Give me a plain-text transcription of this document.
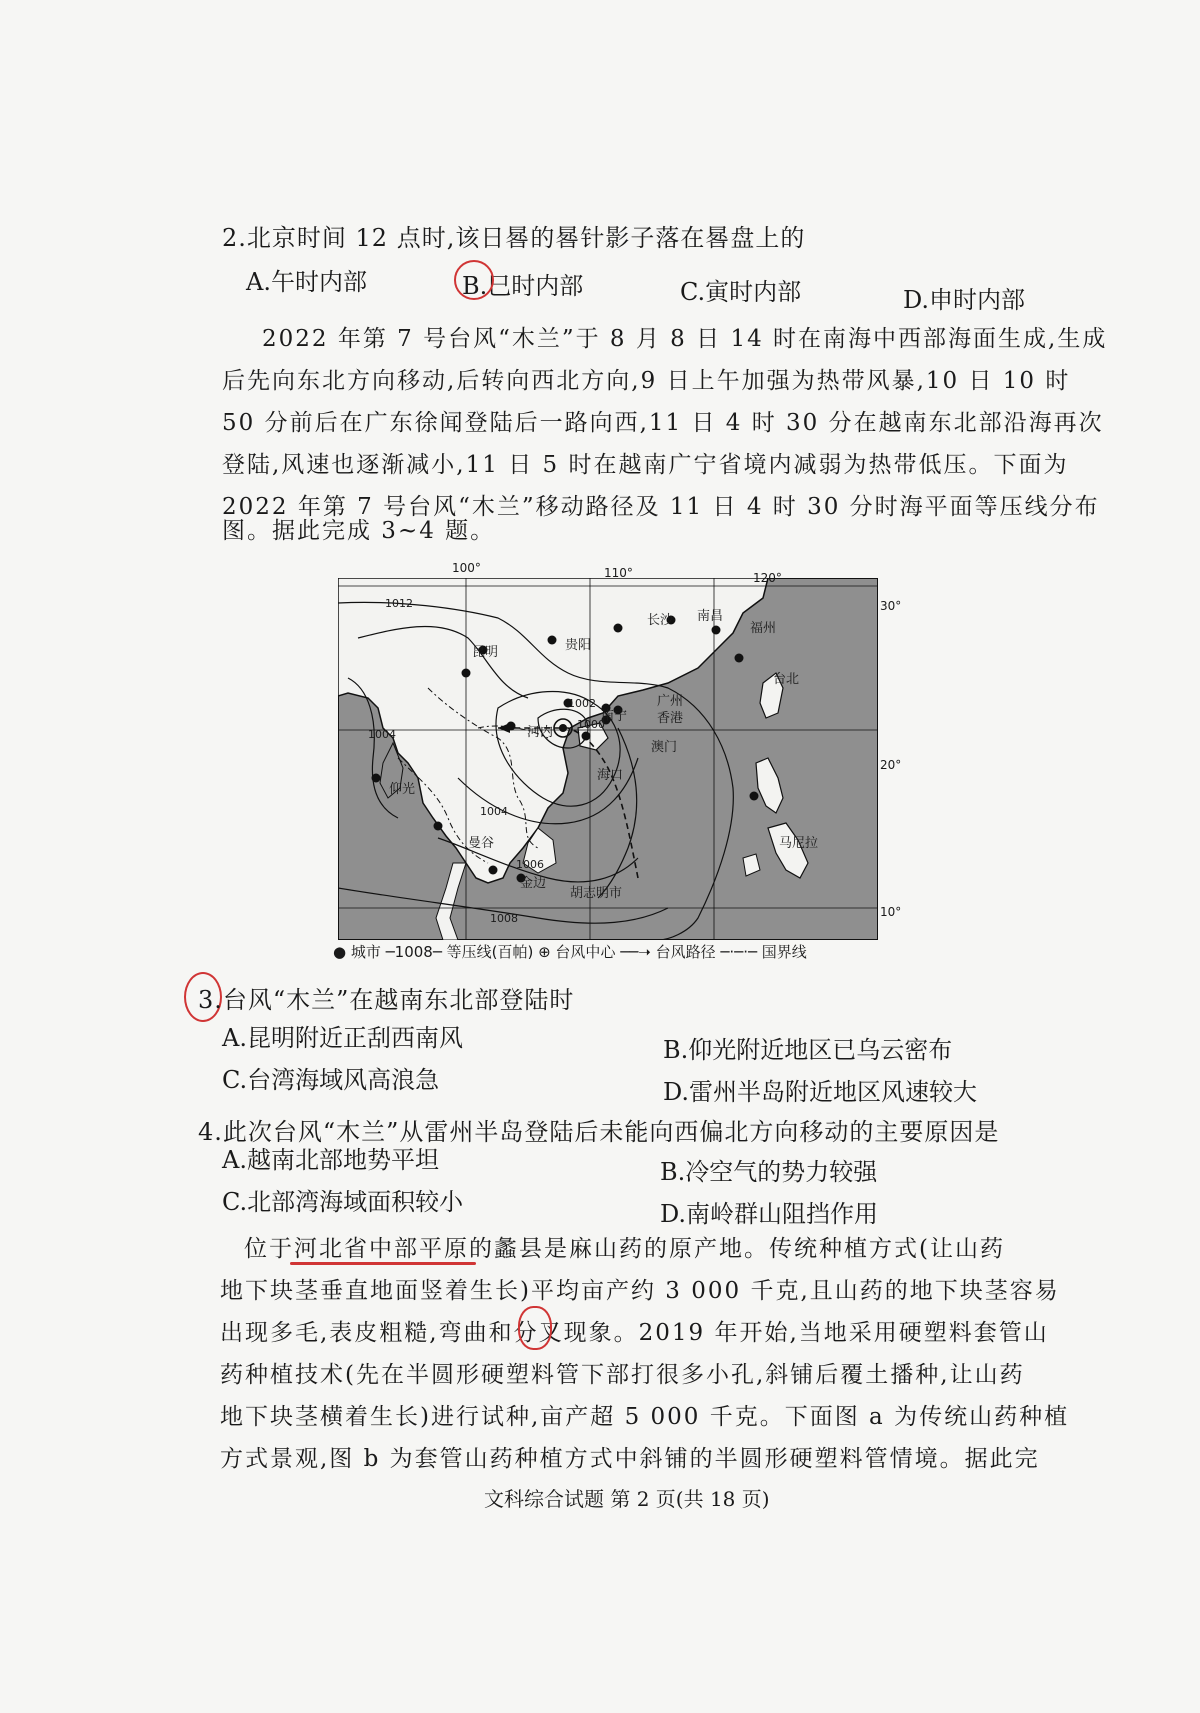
2.北京时间 12 点时,该日晷的晷针影子落在晷盘上的
A.午时内部	B.巳时内部	C.寅时内部	D.申时内部
2022 年第 7 号台风“木兰”于 8 月 8 日 14 时在南海中西部海面生成,生成
后先向东北方向移动,后转向西北方向,9 日上午加强为热带风暴,10 日 10 时
50 分前后在广东徐闻登陆后一路向西,11 日 4 时 30 分在越南东北部沿海再次
登陆,风速也逐渐减小,11 日 5 时在越南广宁省境内减弱为热带低压。下面为
2022 年第 7 号台风“木兰”移动路径及 11 日 4 时 30 分时海平面等压线分布
图。据此完成 3~4 题。
100°	110°	120°
30°
20°
10°
长沙 南昌
福州
昆明	贵阳
台北
广州
南宁 香港
河内
澳门
海口
仰光
马尼拉
曼谷
金边
胡志明市
1012
1004
1002
1000
1004
1006
1008
● 城市 ─1008─ 等压线(百帕) ⊕ 台风中心 ──➝ 台风路径 ─·─·─ 国界线
3.台风“木兰”在越南东北部登陆时
A.昆明附近正刮西南风	B.仰光附近地区已乌云密布
C.台湾海域风高浪急	D.雷州半岛附近地区风速较大
4.此次台风“木兰”从雷州半岛登陆后未能向西偏北方向移动的主要原因是
A.越南北部地势平坦	B.冷空气的势力较强
C.北部湾海域面积较小	D.南岭群山阻挡作用
位于河北省中部平原的蠡县是麻山药的原产地。传统种植方式(让山药
地下块茎垂直地面竖着生长)平均亩产约 3 000 千克,且山药的地下块茎容易
出现多毛,表皮粗糙,弯曲和分叉现象。2019 年开始,当地采用硬塑料套管山
药种植技术(先在半圆形硬塑料管下部打很多小孔,斜铺后覆土播种,让山药
地下块茎横着生长)进行试种,亩产超 5 000 千克。下面图 a 为传统山药种植
方式景观,图 b 为套管山药种植方式中斜铺的半圆形硬塑料管情境。据此完
文科综合试题 第 2 页(共 18 页)
